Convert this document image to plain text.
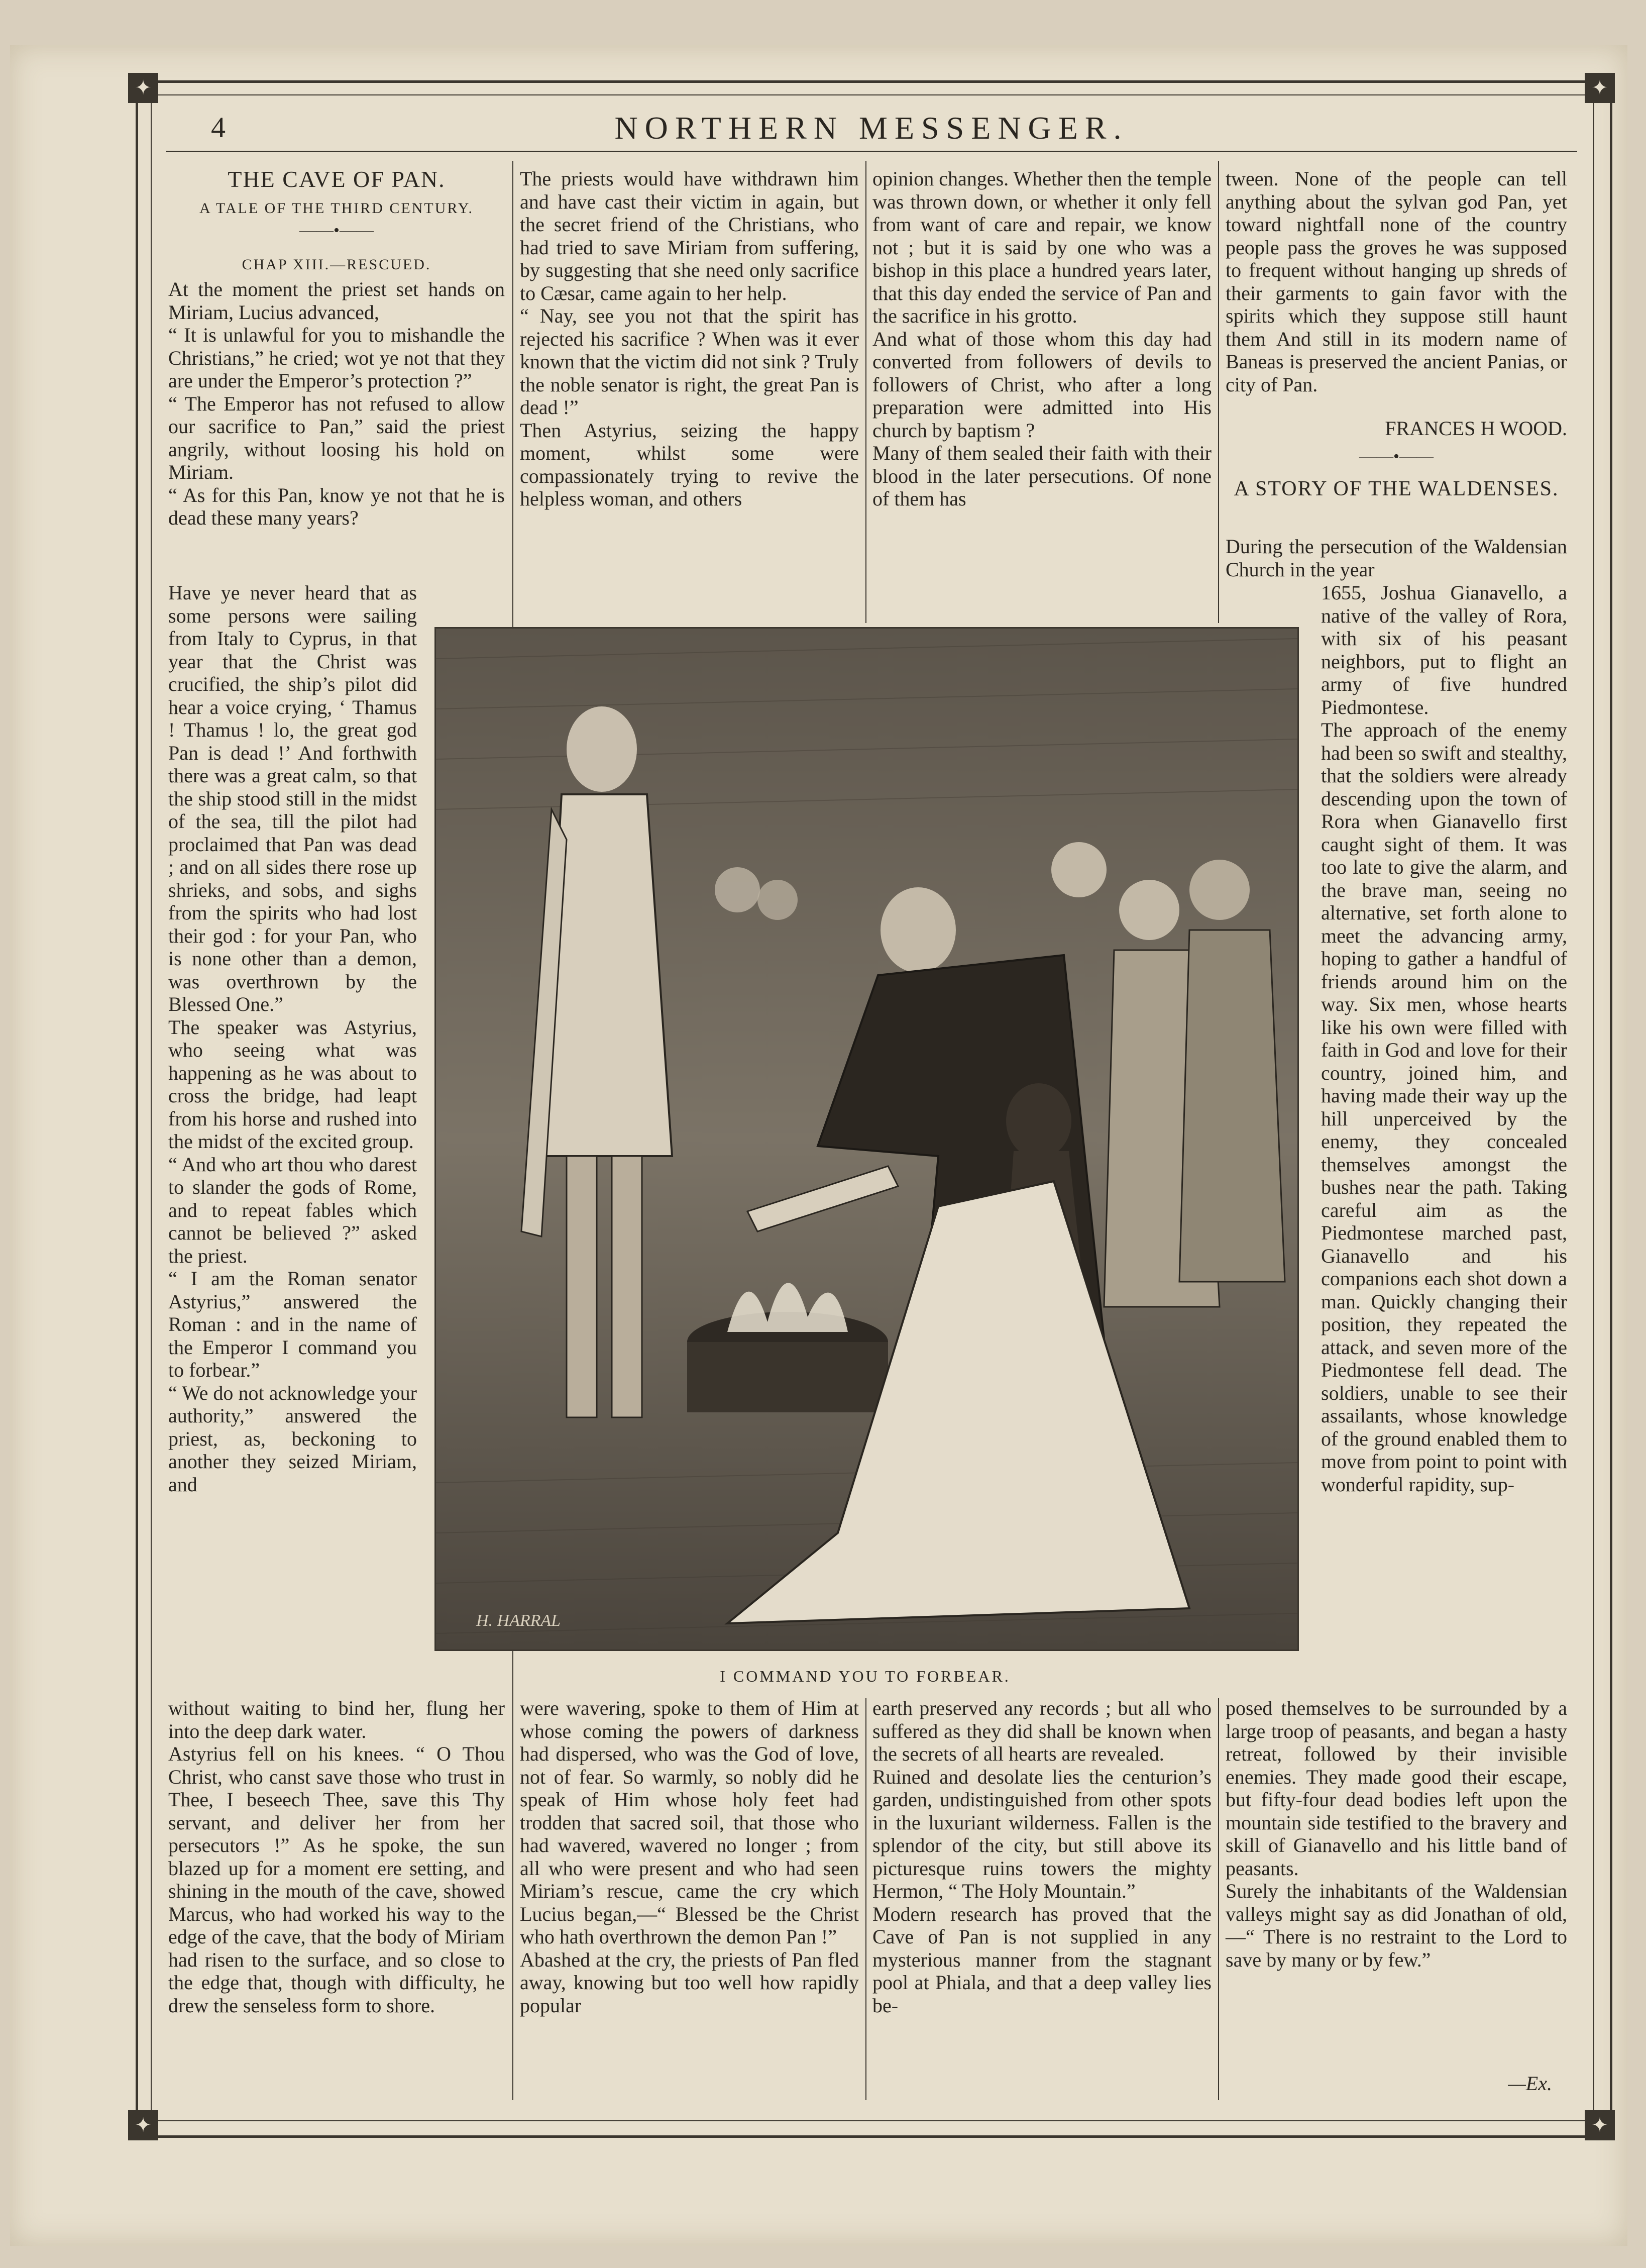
✦	✦
✦	✦
4	NORTHERN MESSENGER.
THE CAVE OF PAN.
A TALE OF THE THIRD CENTURY.
——•——
CHAP XIII.—RESCUED.
At the moment the priest set hands on Miriam, Lucius advanced,
“ It is unlawful for you to mishandle the Christians,” he cried; wot ye not that they are under the Emperor’s protection ?”
“ The Emperor has not refused to allow our sacrifice to Pan,” said the priest angrily, without loosing his hold on Miriam.
“ As for this Pan, know ye not that he is dead these many years?
Have ye never heard that as some persons were sailing from Italy to Cyprus, in that year that the Christ was crucified, the ship’s pilot did hear a voice crying, ‘ Thamus ! Thamus ! lo, the great god Pan is dead !’ And forthwith there was a great calm, so that the ship stood still in the midst of the sea, till the pilot had proclaimed that Pan was dead ; and on all sides there rose up shrieks, and sobs, and sighs from the spirits who had lost their god : for your Pan, who is none other than a demon, was overthrown by the Blessed One.”
The speaker was Astyrius, who seeing what was happening as he was about to cross the bridge, had leapt from his horse and rushed into the midst of the excited group.
“ And who art thou who darest to slander the gods of Rome, and to repeat fables which cannot be believed ?” asked the priest.
“ I am the Roman senator Astyrius,” answered the Roman : and in the name of the Emperor I command you to forbear.”
“ We do not acknowledge your authority,” answered the priest, as, beckoning to another they seized Miriam, and
without waiting to bind her, flung her into the deep dark water.
Astyrius fell on his knees. “ O Thou Christ, who canst save those who trust in Thee, I beseech Thee, save this Thy servant, and deliver her from her persecutors !” As he spoke, the sun blazed up for a moment ere setting, and shining in the mouth of the cave, showed Marcus, who had worked his way to the edge of the cave, that the body of Miriam had risen to the surface, and so close to the edge that, though with difficulty, he drew the senseless form to shore.
The priests would have withdrawn him and have cast their victim in again, but the secret friend of the Christians, who had tried to save Miriam from suffering, by suggesting that she need only sacrifice to Cæsar, came again to her help.
“ Nay, see you not that the spirit has rejected his sacrifice ? When was it ever known that the victim did not sink ? Truly the noble senator is right, the great Pan is dead !”
Then Astyrius, seizing the happy moment, whilst some were compassionately trying to revive the helpless woman, and others
were wavering, spoke to them of Him at whose coming the powers of darkness had dispersed, who was the God of love, not of fear. So warmly, so nobly did he speak of Him whose holy feet had trodden that sacred soil, that those who had wavered, wavered no longer ; from all who were present and who had seen Miriam’s rescue, came the cry which Lucius began,—“ Blessed be the Christ who hath overthrown the demon Pan !”
Abashed at the cry, the priests of Pan fled away, knowing but too well how rapidly popular
opinion changes. Whether then the temple was thrown down, or whether it only fell from want of care and repair, we know not ; but it is said by one who was a bishop in this place a hundred years later, that this day ended the service of Pan and the sacrifice in his grotto.
And what of those whom this day had converted from followers of devils to followers of Christ, who after a long preparation were admitted into His church by baptism ?
Many of them sealed their faith with their blood in the later persecutions. Of none of them has
earth preserved any records ; but all who suffered as they did shall be known when the secrets of all hearts are revealed.
Ruined and desolate lies the centurion’s garden, undistinguished from other spots in the luxuriant wilderness. Fallen is the splendor of the city, but still above its picturesque ruins towers the mighty Hermon, “ The Holy Mountain.”
Modern research has proved that the Cave of Pan is not supplied in any mysterious manner from the stagnant pool at Phiala, and that a deep valley lies be-
tween. None of the people can tell anything about the sylvan god Pan, yet toward nightfall none of the country people pass the groves he was supposed to frequent without hanging up shreds of their garments to gain favor with the spirits which they suppose still haunt them And still in its modern name of Baneas is preserved the ancient Panias, or city of Pan.
FRANCES H WOOD.
——•——
A STORY OF THE WALDENSES.
During the persecution of the Waldensian Church in the year
1655, Joshua Gianavello, a native of the valley of Rora, with six of his peasant neighbors, put to flight an army of five hundred Piedmontese.
The approach of the enemy had been so swift and stealthy, that the soldiers were already descending upon the town of Rora when Gianavello first caught sight of them. It was too late to give the alarm, and the brave man, seeing no alternative, set forth alone to meet the advancing army, hoping to gather a handful of friends around him on the way. Six men, whose hearts like his own were filled with faith in God and love for their country, joined him, and having made their way up the hill unperceived by the enemy, they concealed themselves amongst the bushes near the path. Taking careful aim as the Piedmontese marched past, Gianavello and his companions each shot down a man. Quickly changing their position, they repeated the attack, and seven more of the Piedmontese fell dead. The soldiers, unable to see their assailants, whose knowledge of the ground enabled them to move from point to point with wonderful rapidity, sup-
posed themselves to be surrounded by a large troop of peasants, and began a hasty retreat, followed by their invisible enemies. They made good their escape, but fifty-four dead bodies left upon the mountain side testified to the bravery and skill of Gianavello and his little band of peasants.
Surely the inhabitants of the Waldensian valleys might say as did Jonathan of old,—“ There is no restraint to the Lord to save by many or by few.”
—Ex.
H. HARRAL
I COMMAND YOU TO FORBEAR.
